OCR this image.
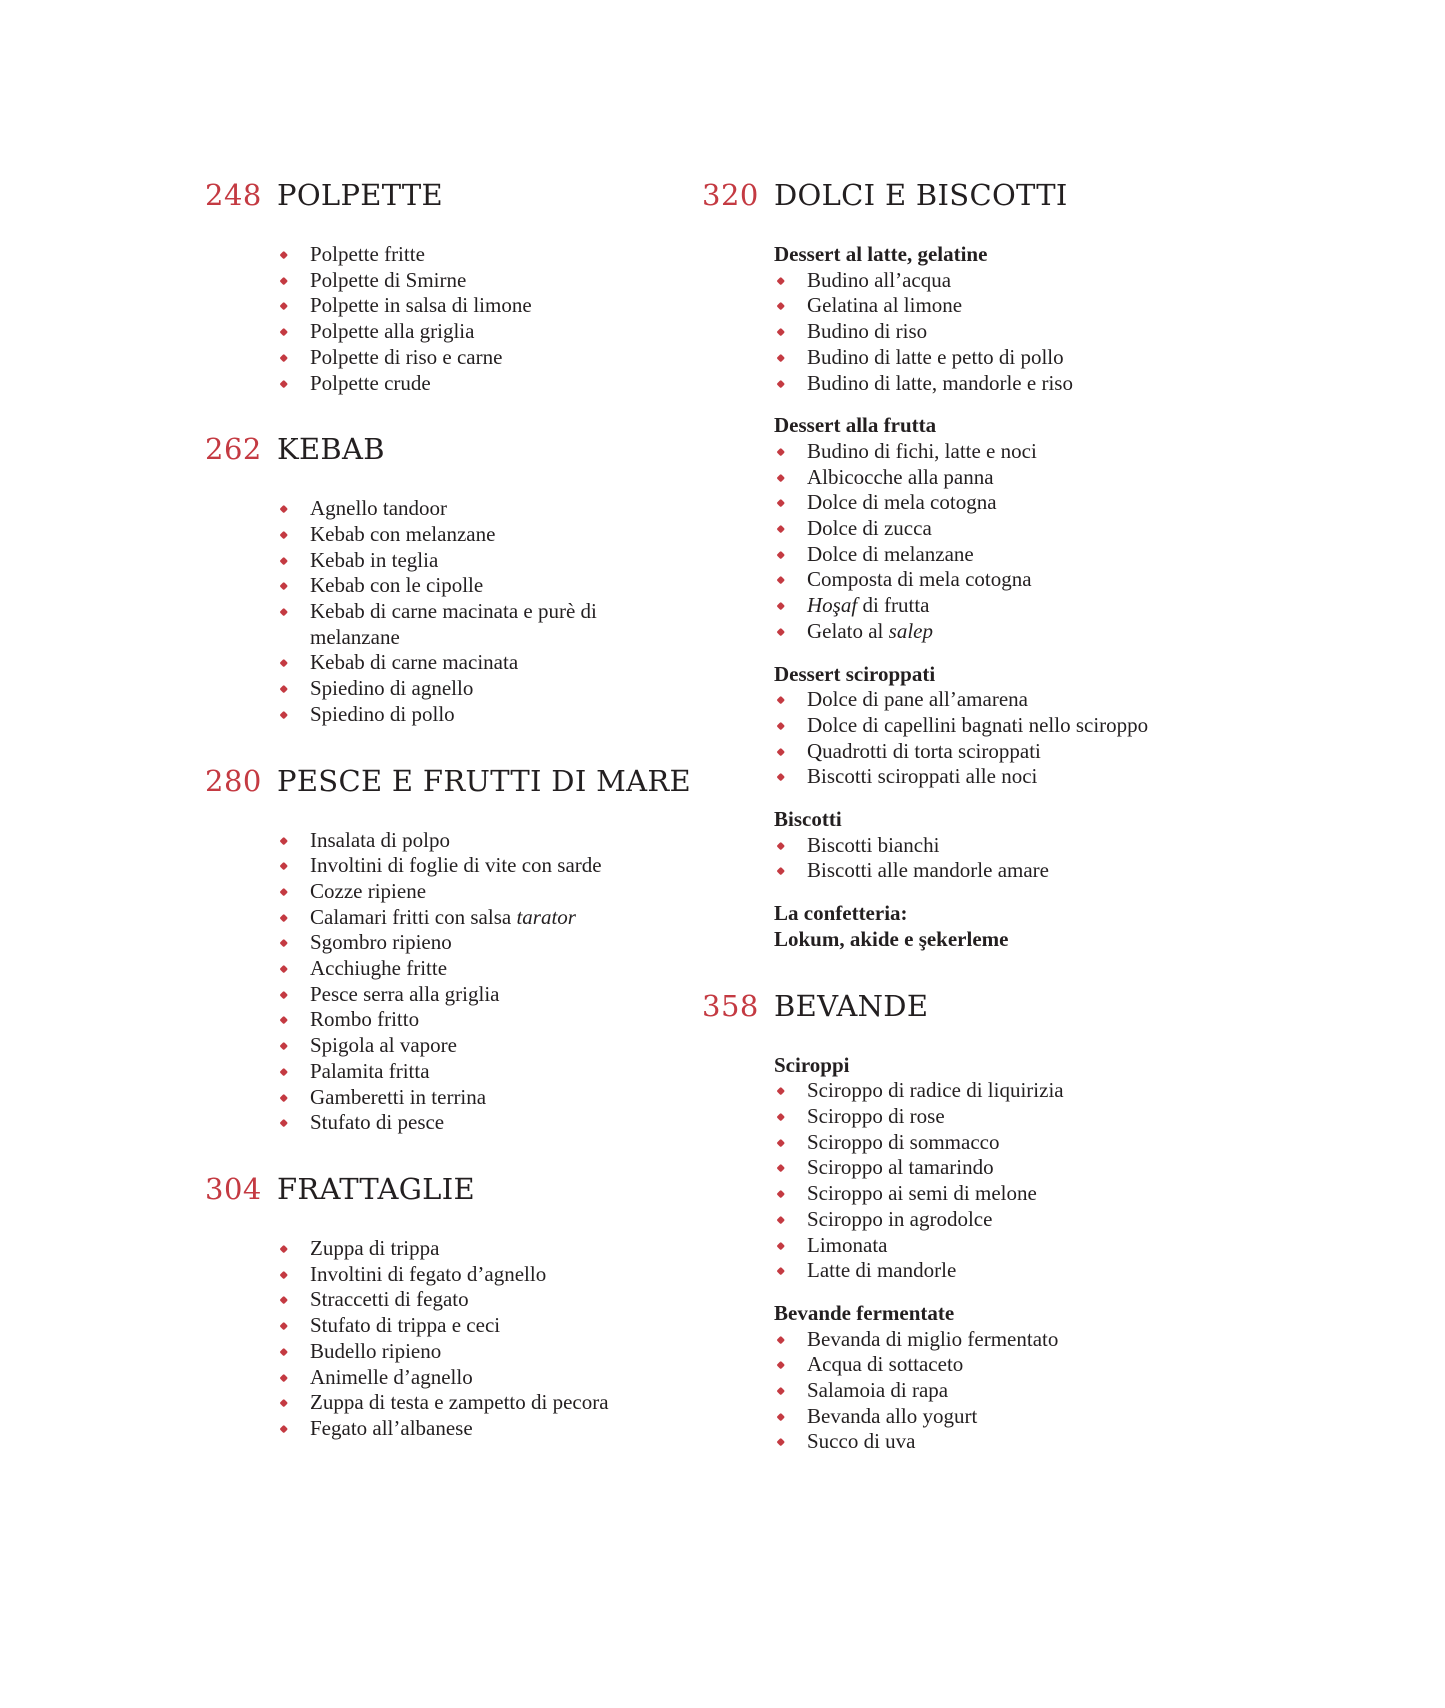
248 POLPETTE
Polpette fritte
Polpette di Smirne
Polpette in salsa di limone
Polpette alla griglia
Polpette di riso e carne
Polpette crude
262 KEBAB
Agnello tandoor
Kebab con melanzane
Kebab in teglia
Kebab con le cipolle
Kebab di carne macinata e purè di melanzane
Kebab di carne macinata
Spiedino di agnello
Spiedino di pollo
280 PESCE E FRUTTI DI MARE
Insalata di polpo
Involtini di foglie di vite con sarde
Cozze ripiene
Calamari fritti con salsa tarator
Sgombro ripieno
Acchiughe fritte
Pesce serra alla griglia
Rombo fritto
Spigola al vapore
Palamita fritta
Gamberetti in terrina
Stufato di pesce
304 FRATTAGLIE
Zuppa di trippa
Involtini di fegato d’agnello
Straccetti di fegato
Stufato di trippa e ceci
Budello ripieno
Animelle d’agnello
Zuppa di testa e zampetto di pecora
Fegato all’albanese
320 DOLCI E BISCOTTI
Dessert al latte, gelatine
Budino all’acqua
Gelatina al limone
Budino di riso
Budino di latte e petto di pollo
Budino di latte, mandorle e riso
Dessert alla frutta
Budino di fichi, latte e noci
Albicocche alla panna
Dolce di mela cotogna
Dolce di zucca
Dolce di melanzane
Composta di mela cotogna
Hoşaf di frutta
Gelato al salep
Dessert sciroppati
Dolce di pane all’amarena
Dolce di capellini bagnati nello sciroppo
Quadrotti di torta sciroppati
Biscotti sciroppati alle noci
Biscotti
Biscotti bianchi
Biscotti alle mandorle amare
La confetteria:
Lokum, akide e şekerleme
358 BEVANDE
Sciroppi
Sciroppo di radice di liquirizia
Sciroppo di rose
Sciroppo di sommacco
Sciroppo al tamarindo
Sciroppo ai semi di melone
Sciroppo in agrodolce
Limonata
Latte di mandorle
Bevande fermentate
Bevanda di miglio fermentato
Acqua di sottaceto
Salamoia di rapa
Bevanda allo yogurt
Succo di uva
